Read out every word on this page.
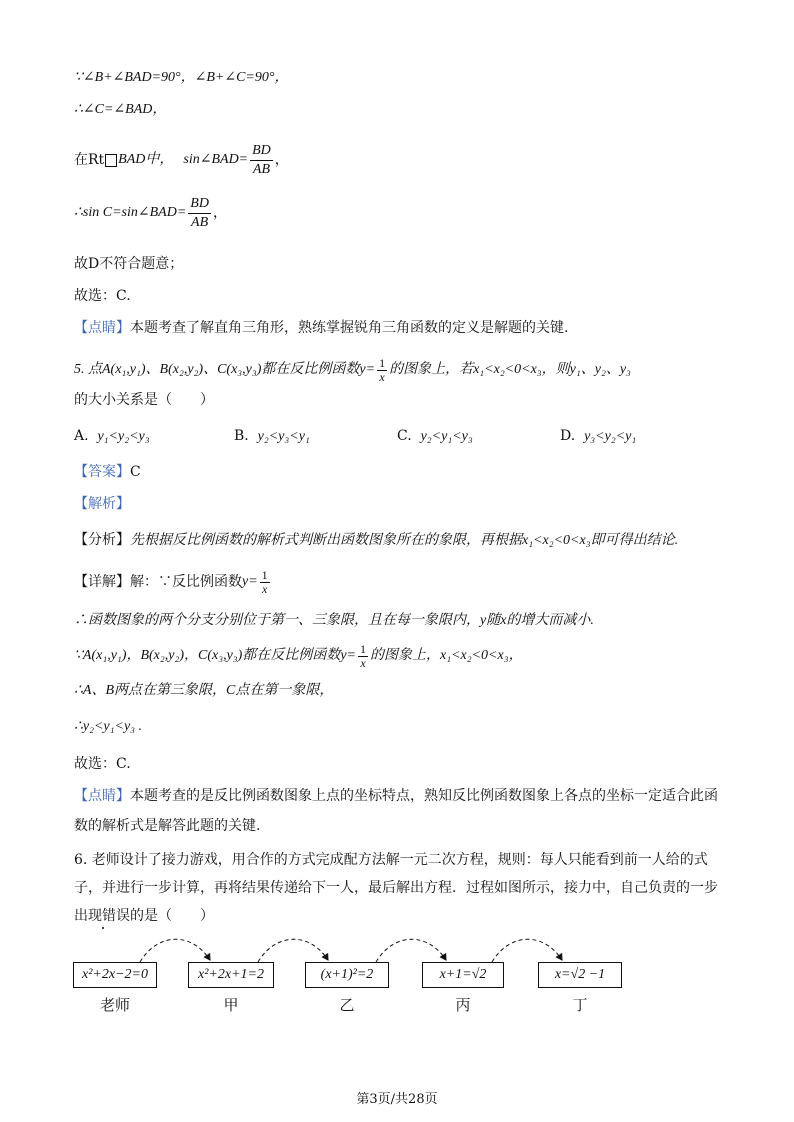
∵∠B+∠BAD=90°，∠B+∠C=90°，
∴∠C=∠BAD，
在Rt BAD中， sin∠BAD= $\frac{BD}{AB}$ ，
∴sin C=sin∠BAD= $\frac{BD}{AB}$ ，
故D不符合题意；
故选：C.
【点睛】本题考查了解直角三角形，熟练掌握锐角三角函数的定义是解题的关键.
5. 点A(x₁,y₁)、B(x₂,y₂)、C(x₃,y₃)都在反比例函数 $y= \frac{1}{x}$ 的图象上，若x₁<x₂<0<x₃，则y₁、y₂、y₃
的大小关系是（　　）
A. y₁<y₂<y₃	B. y₂<y₃<y₁	C. y₂<y₁<y₃	D. y₃<y₂<y₁
【答案】C
【解析】
【分析】先根据反比例函数的解析式判断出函数图象所在的象限，再根据x₁<x₂<0<x₃即可得出结论.
【详解】 解：∵反比例函数 $y= \frac{1}{x}$
∴函数图象的两个分支分别位于第一、三象限，且在每一象限内，y随x的增大而减小.
∵A(x₁,y₁)，B(x₂,y₂)，C(x₃,y₃)都在反比例函数 $y= \frac{1}{x}$ 的图象上，x₁<x₂<0<x₃，
∴A、B两点在第三象限，C点在第一象限，
∴y₂<y₁<y₃ .
故选：C.
【点睛】本题考查的是反比例函数图象上点的坐标特点，熟知反比例函数图象上各点的坐标一定适合此函
数的解析式是解答此题的关键.
6. 老师设计了接力游戏，用合作的方式完成配方法解一元二次方程，规则：每人只能看到前一人给的式
子，并进行一步计算，再将结果传递给下一人，最后解出方程．过程如图所示，接力中，自己负责的一步
出现错误的是（　　）
x²+2x−2=0	x²+2x+1=2	(x+1)²=2	x+1=√2	x=√2 −1
老师	甲	乙	丙	丁
第3页/共28页
